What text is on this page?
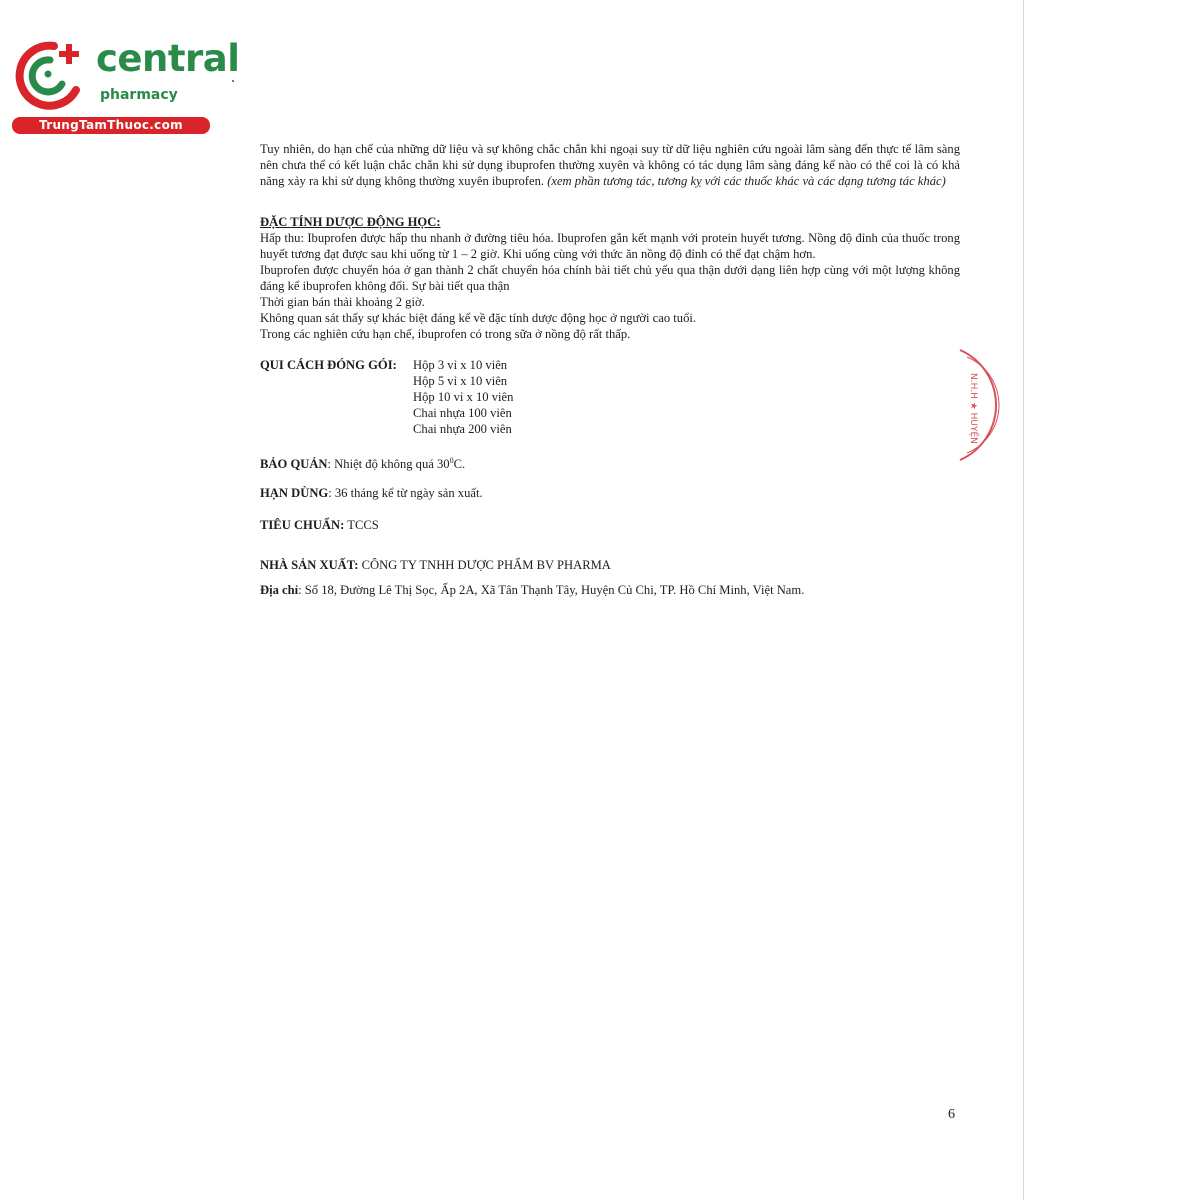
central
pharmacy
TrungTamThuoc.com

Tuy nhiên, do hạn chế của những dữ liệu và sự không chắc chắn khi ngoại suy từ dữ liệu nghiên cứu ngoài lâm sàng đến thực tế lâm sàng nên chưa thể có kết luận chắc chắn khi sử dụng ibuprofen thường xuyên và không có tác dụng lâm sàng đáng kể nào có thể coi là có khả năng xảy ra khi sử dụng không thường xuyên ibuprofen. (xem phần tương tác, tương kỵ với các thuốc khác và các dạng tương tác khác)

ĐẶC TÍNH DƯỢC ĐỘNG HỌC:
Hấp thu: Ibuprofen được hấp thu nhanh ở đường tiêu hóa. Ibuprofen gắn kết mạnh với protein huyết tương. Nồng độ đỉnh của thuốc trong huyết tương đạt được sau khi uống từ 1 – 2 giờ. Khi uống cùng với thức ăn nồng độ đỉnh có thể đạt chậm hơn.
Ibuprofen được chuyển hóa ở gan thành 2 chất chuyển hóa chính bài tiết chủ yếu qua thận dưới dạng liên hợp cùng với một lượng không đáng kể ibuprofen không đổi. Sự bài tiết qua thận
Thời gian bán thải khoảng 2 giờ.
Không quan sát thấy sự khác biệt đáng kể về đặc tính dược động học ở người cao tuổi.
Trong các nghiên cứu hạn chế, ibuprofen có trong sữa ở nồng độ rất thấp.
QUI CÁCH ĐÓNG GÓI: Hộp 3 vỉ x 10 viên
Hộp 5 vỉ x 10 viên
Hộp 10 vỉ x 10 viên
Chai nhựa 100 viên
Chai nhựa 200 viên
BẢO QUẢN: Nhiệt độ không quá $30^0C$.
HẠN DÙNG: 36 tháng kể từ ngày sản xuất.
TIÊU CHUẨN: TCCS
NHÀ SẢN XUẤT: CÔNG TY TNHH DƯỢC PHẨM BV PHARMA
Địa chỉ: Số 18, Đường Lê Thị Sọc, Ấp 2A, Xã Tân Thạnh Tây, Huyện Củ Chi, TP. Hồ Chí Minh, Việt Nam.
N.H.H ★ HUYỆN
6
